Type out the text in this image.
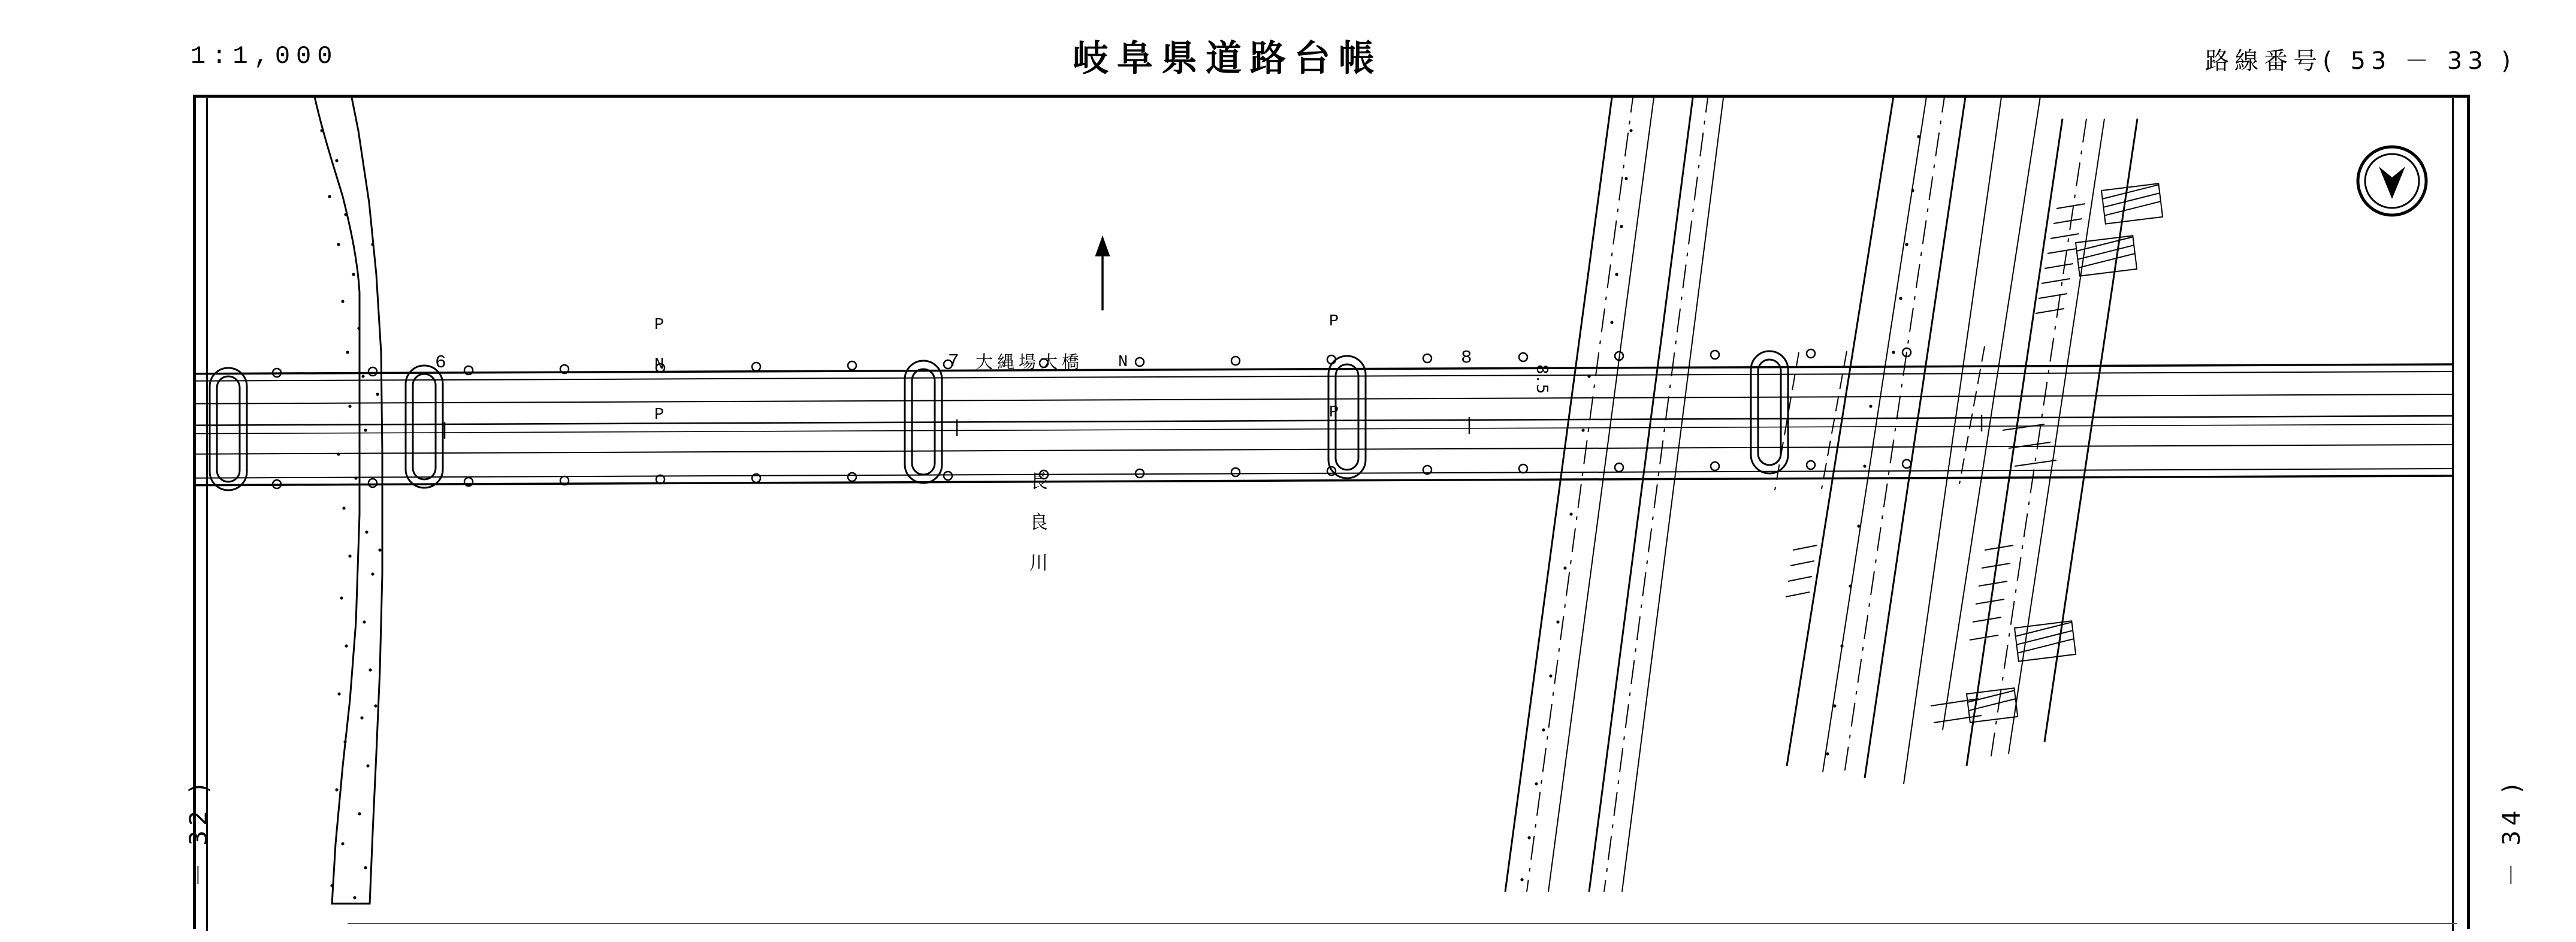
1:1,000	岐阜県道路台帳	路線番号( 53 － 33 )
－ 32 )	－ 34 )
6	7	8
N	N
P
P
P
P
大縄場大橋
長
良
川
8.5
